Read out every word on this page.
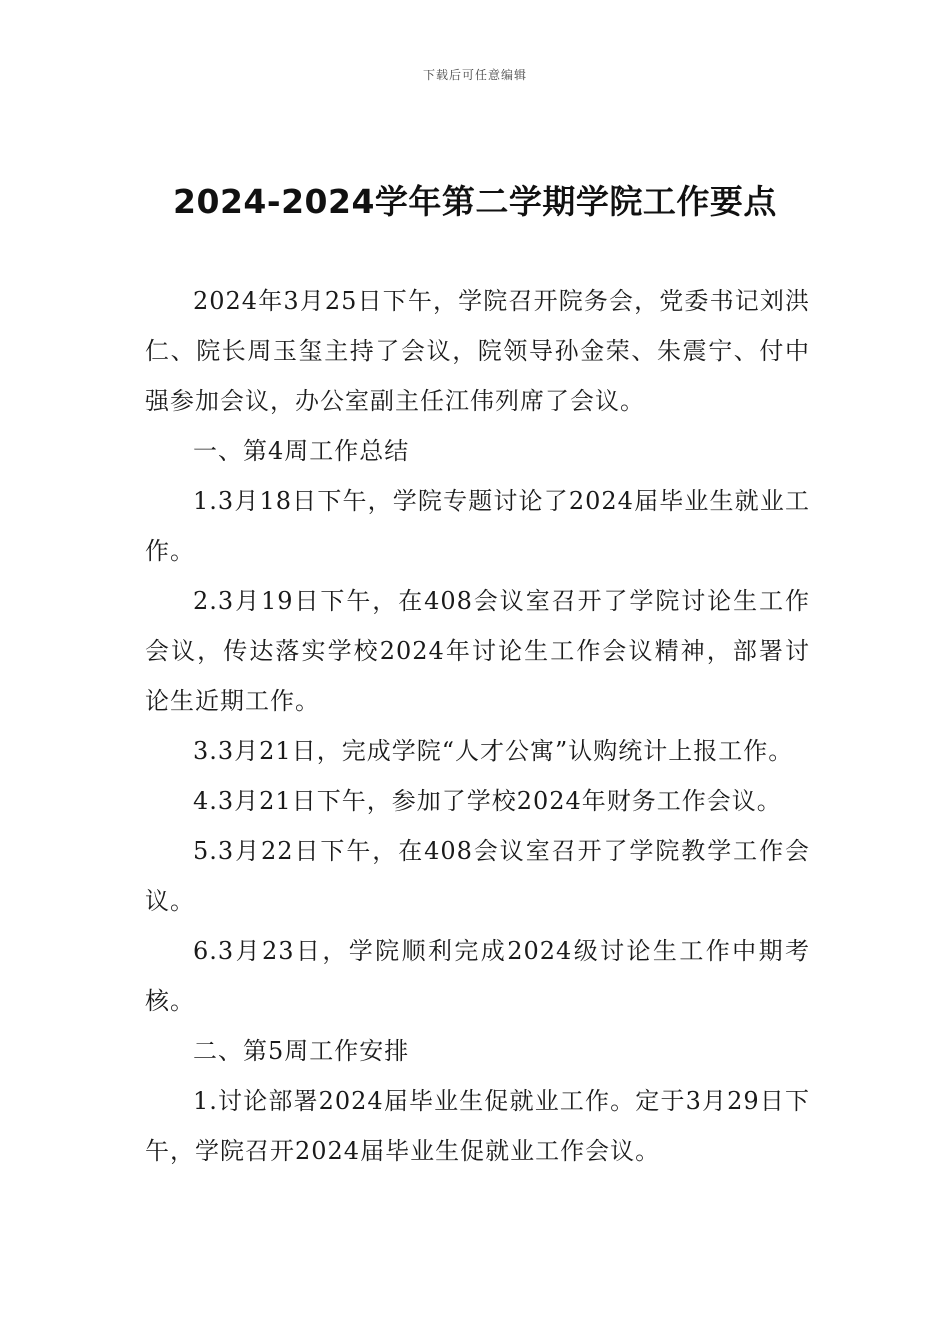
下载后可任意编辑
2024-2024学年第二学期学院工作要点

2024年3月25日下午，学院召开院务会，党委书记刘洪仁、院长周玉玺主持了会议，院领导孙金荣、朱震宁、付中强参加会议，办公室副主任江伟列席了会议。

一、第4周工作总结

1.3月18日下午，学院专题讨论了2024届毕业生就业工作。

2.3月19日下午，在408会议室召开了学院讨论生工作会议，传达落实学校2024年讨论生工作会议精神，部署讨论生近期工作。

3.3月21日，完成学院“人才公寓”认购统计上报工作。

4.3月21日下午，参加了学校2024年财务工作会议。

5.3月22日下午，在408会议室召开了学院教学工作会议。

6.3月23日，学院顺利完成2024级讨论生工作中期考核。

二、第5周工作安排

1.讨论部署2024届毕业生促就业工作。定于3月29日下午，学院召开2024届毕业生促就业工作会议。
